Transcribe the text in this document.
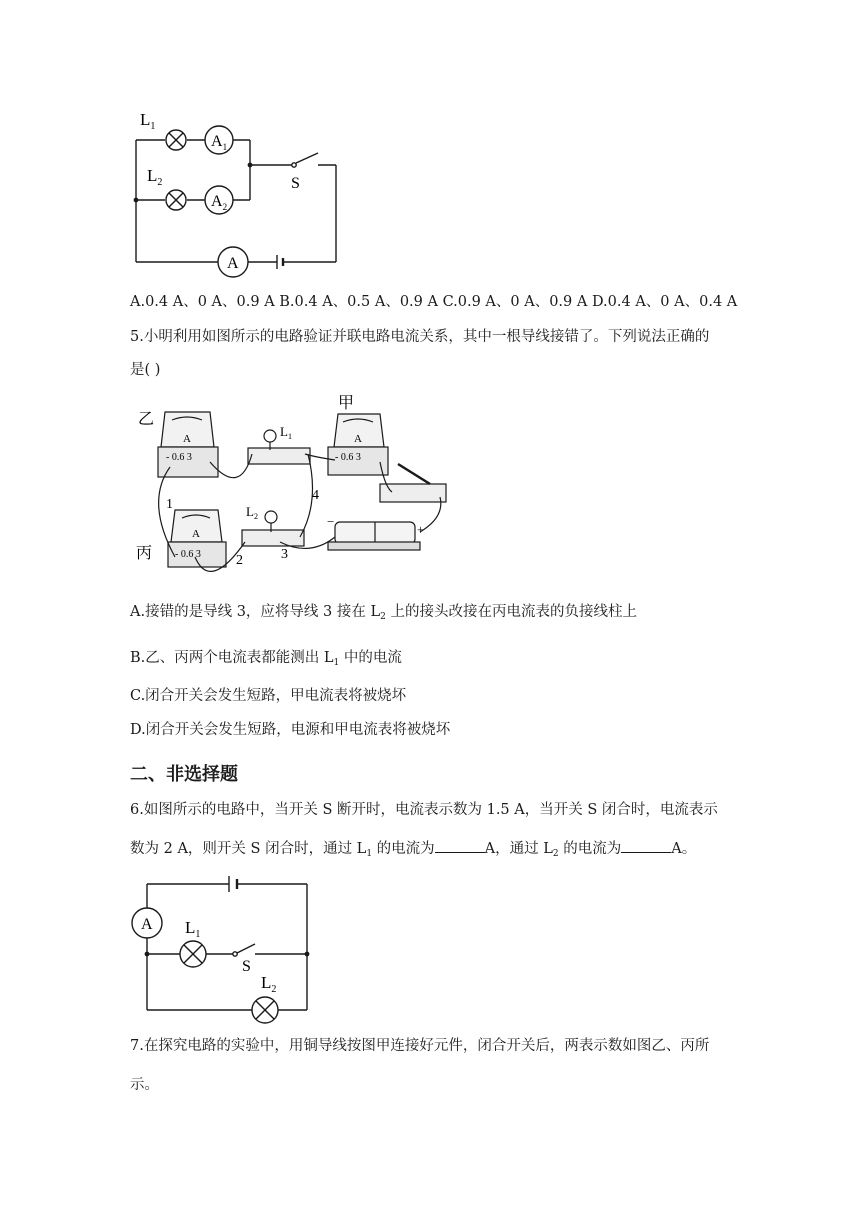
$L_1$
$L_2$
$A_1$
$A_2$
S
A
A.0.4 A、0 A、0.9 A B.0.4 A、0.5 A、0.9 A C.0.9 A、0 A、0.9 A D.0.4 A、0 A、0.4 A
5.小明利用如图所示的电路验证并联电路电流关系，其中一根导线接错了。下列说法正确的
是( )
乙
甲
丙
A
- 0.6 3
A
- 0.6 3
A
- 0.6 3
$L_1$
$L_2$
1
2	3
4
−
+
A.接错的是导线 3，应将导线 3 接在 $L_2$ 上的接头改接在丙电流表的负接线柱上
B.乙、丙两个电流表都能测出 $L_1$ 中的电流
C.闭合开关会发生短路，甲电流表将被烧坏
D.闭合开关会发生短路，电源和甲电流表将被烧坏
二、非选择题
6.如图所示的电路中，当开关 S 断开时，电流表示数为 1.5 A，当开关 S 闭合时，电流表示
数为 2 A，则开关 S 闭合时，通过 $L_1$ 的电流为	A，通过 $L_2$ 的电流为	A。
A $L_1$
S
$L_2$
7.在探究电路的实验中，用铜导线按图甲连接好元件，闭合开关后，两表示数如图乙、丙所
示。
